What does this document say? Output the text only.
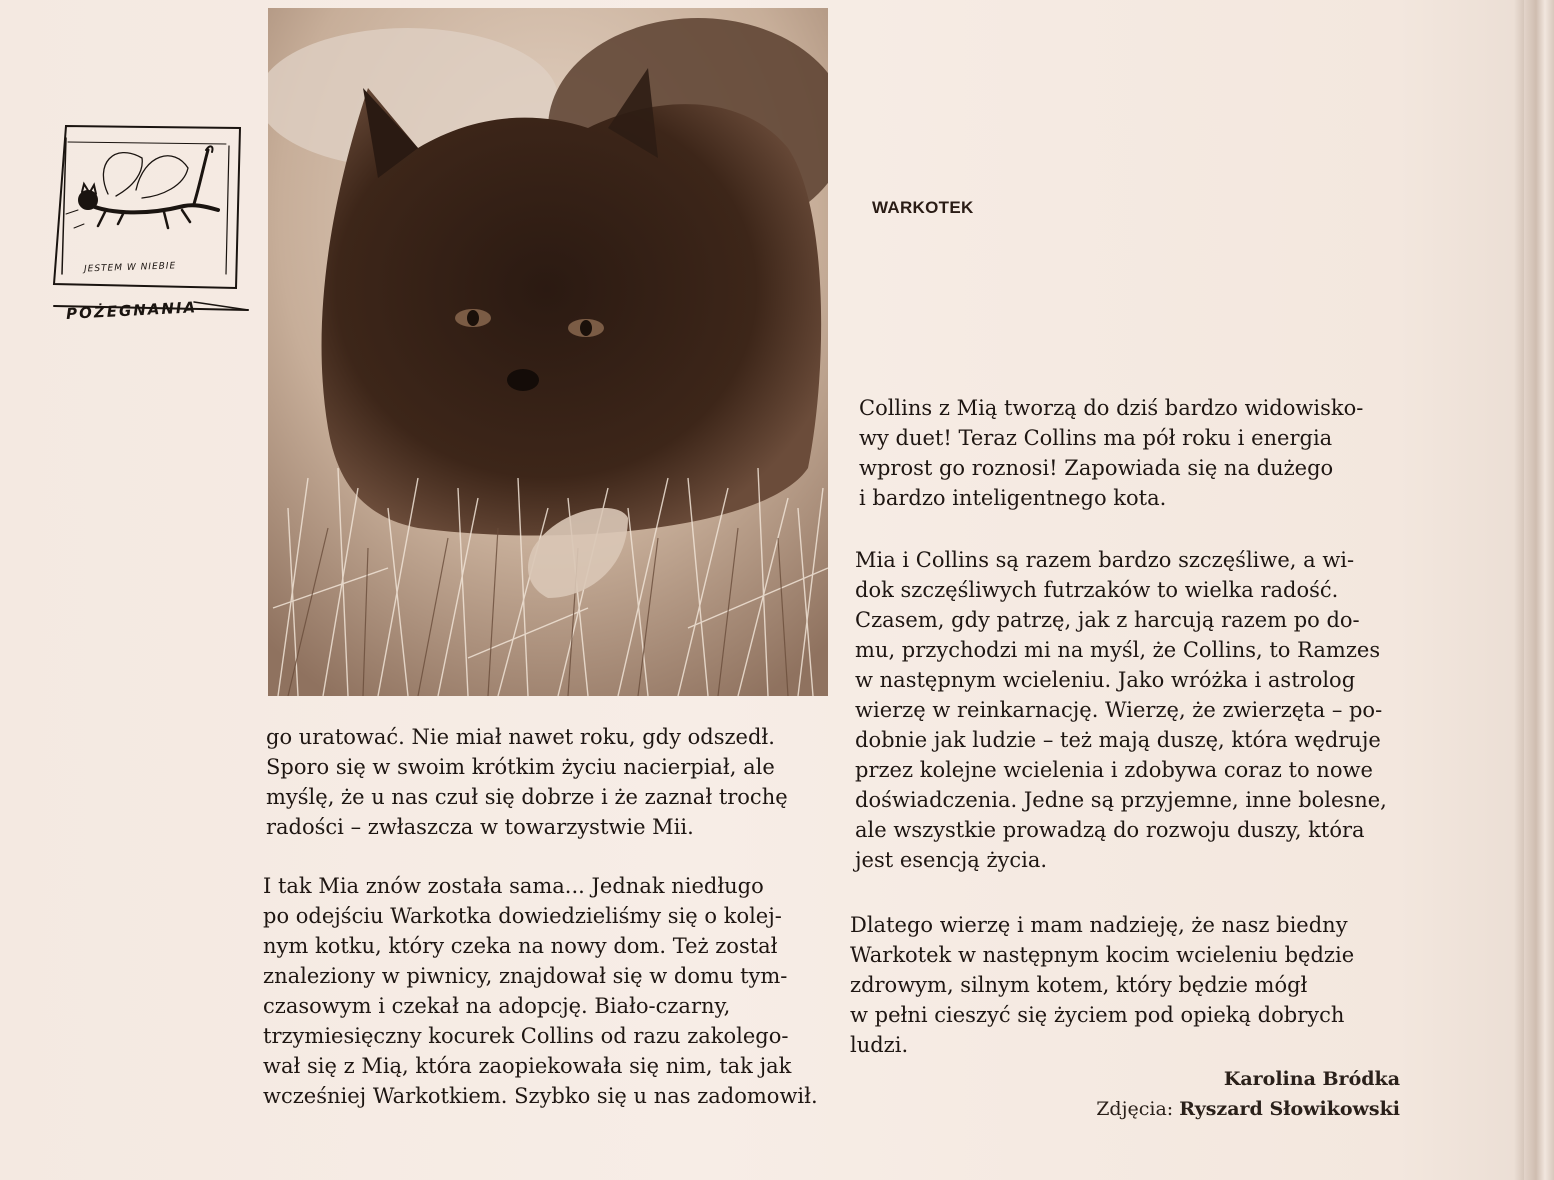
JESTEM W NIEBIE
POŻEGNANIA
WARKOTEK

go uratować. Nie miał nawet roku, gdy odszedł.
Sporo się w swoim krótkim życiu nacierpiał, ale
myślę, że u nas czuł się dobrze i że zaznał trochę
radości – zwłaszcza w towarzystwie Mii.

I tak Mia znów została sama... Jednak niedługo
po odejściu Warkotka dowiedzieliśmy się o kolej-
nym kotku, który czeka na nowy dom. Też został
znaleziony w piwnicy, znajdował się w domu tym-
czasowym i czekał na adopcję. Biało-czarny,
trzymiesięczny kocurek Collins od razu zakolego-
wał się z Mią, która zaopiekowała się nim, tak jak
wcześniej Warkotkiem. Szybko się u nas zadomowił.

Collins z Mią tworzą do dziś bardzo widowisko-
wy duet! Teraz Collins ma pół roku i energia
wprost go roznosi! Zapowiada się na dużego
i bardzo inteligentnego kota.

Mia i Collins są razem bardzo szczęśliwe, a wi-
dok szczęśliwych futrzaków to wielka radość.
Czasem, gdy patrzę, jak z harcują razem po do-
mu, przychodzi mi na myśl, że Collins, to Ramzes
w następnym wcieleniu. Jako wróżka i astrolog
wierzę w reinkarnację. Wierzę, że zwierzęta – po-
dobnie jak ludzie – też mają duszę, która wędruje
przez kolejne wcielenia i zdobywa coraz to nowe
doświadczenia. Jedne są przyjemne, inne bolesne,
ale wszystkie prowadzą do rozwoju duszy, która
jest esencją życia.

Dlatego wierzę i mam nadzieję, że nasz biedny
Warkotek w następnym kocim wcieleniu będzie
zdrowym, silnym kotem, który będzie mógł
w pełni cieszyć się życiem pod opieką dobrych
ludzi.

Karolina Bródka
Zdjęcia: Ryszard Słowikowski
